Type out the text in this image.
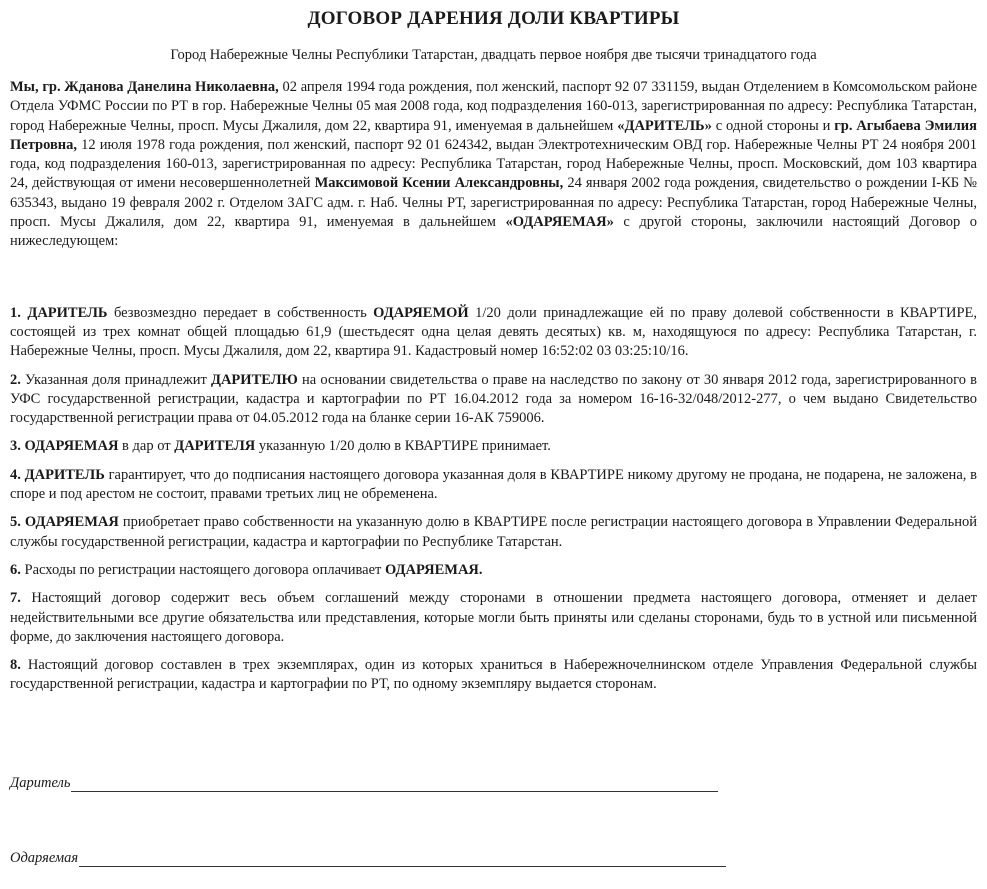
ДОГОВОР ДАРЕНИЯ ДОЛИ КВАРТИРЫ
Город Набережные Челны Республики Татарстан, двадцать первое ноября две тысячи тринадцатого года
Мы, гр. Жданова Данелина Николаевна, 02 апреля 1994 года рождения, пол женский, паспорт 92 07 331159, выдан Отделением в Комсомольском районе Отдела УФМС России по РТ в гор. Набережные Челны 05 мая 2008 года, код подразделения 160-013, зарегистрированная по адресу: Республика Татарстан, город Набережные Челны, просп. Мусы Джалиля, дом 22, квартира 91, именуемая в дальнейшем «ДАРИТЕЛЬ» с одной стороны и гр. Агыбаева Эмилия Петровна, 12 июля 1978 года рождения, пол женский, паспорт 92 01 624342, выдан Электротехническим ОВД гор. Набережные Челны РТ 24 ноября 2001 года, код подразделения 160-013, зарегистрированная по адресу: Республика Татарстан, город Набережные Челны, просп. Московский, дом 103 квартира 24, действующая от имени несовершеннолетней Максимовой Ксении Александровны, 24 января 2002 года рождения, свидетельство о рождении I-КБ № 635343, выдано 19 февраля 2002 г. Отделом ЗАГС адм. г. Наб. Челны РТ, зарегистрированная по адресу: Республика Татарстан, город Набережные Челны, просп. Мусы Джалиля, дом 22, квартира 91, именуемая в дальнейшем «ОДАРЯЕМАЯ» с другой стороны, заключили настоящий Договор о нижеследующем:
1. ДАРИТЕЛЬ безвозмездно передает в собственность ОДАРЯЕМОЙ 1/20 доли принадлежащие ей по праву долевой собственности в КВАРТИРЕ, состоящей из трех комнат общей площадью 61,9 (шестьдесят одна целая девять десятых) кв. м, находящуюся по адресу: Республика Татарстан, г. Набережные Челны, просп. Мусы Джалиля, дом 22, квартира 91. Кадастровый номер 16:52:02 03 03:25:10/16.
2. Указанная доля принадлежит ДАРИТЕЛЮ на основании свидетельства о праве на наследство по закону от 30 января 2012 года, зарегистрированного в УФС государственной регистрации, кадастра и картографии по РТ 16.04.2012 года за номером 16-16-32/048/2012-277, о чем выдано Свидетельство государственной регистрации права от 04.05.2012 года на бланке серии 16-АК 759006.
3. ОДАРЯЕМАЯ в дар от ДАРИТЕЛЯ указанную 1/20 долю в КВАРТИРЕ принимает.
4. ДАРИТЕЛЬ гарантирует, что до подписания настоящего договора указанная доля в КВАРТИРЕ никому другому не продана, не подарена, не заложена, в споре и под арестом не состоит, правами третьих лиц не обременена.
5. ОДАРЯЕМАЯ приобретает право собственности на указанную долю в КВАРТИРЕ после регистрации настоящего договора в Управлении Федеральной службы государственной регистрации, кадастра и картографии по Республике Татарстан.
6. Расходы по регистрации настоящего договора оплачивает ОДАРЯЕМАЯ.
7. Настоящий договор содержит весь объем соглашений между сторонами в отношении предмета настоящего договора, отменяет и делает недействительными все другие обязательства или представления, которые могли быть приняты или сделаны сторонами, будь то в устной или письменной форме, до заключения настоящего договора.
8. Настоящий договор составлен в трех экземплярах, один из которых храниться в Набережночелнинском отделе Управления Федеральной службы государственной регистрации, кадастра и картографии по РТ, по одному экземпляру выдается сторонам.
Даритель
Одаряемая
